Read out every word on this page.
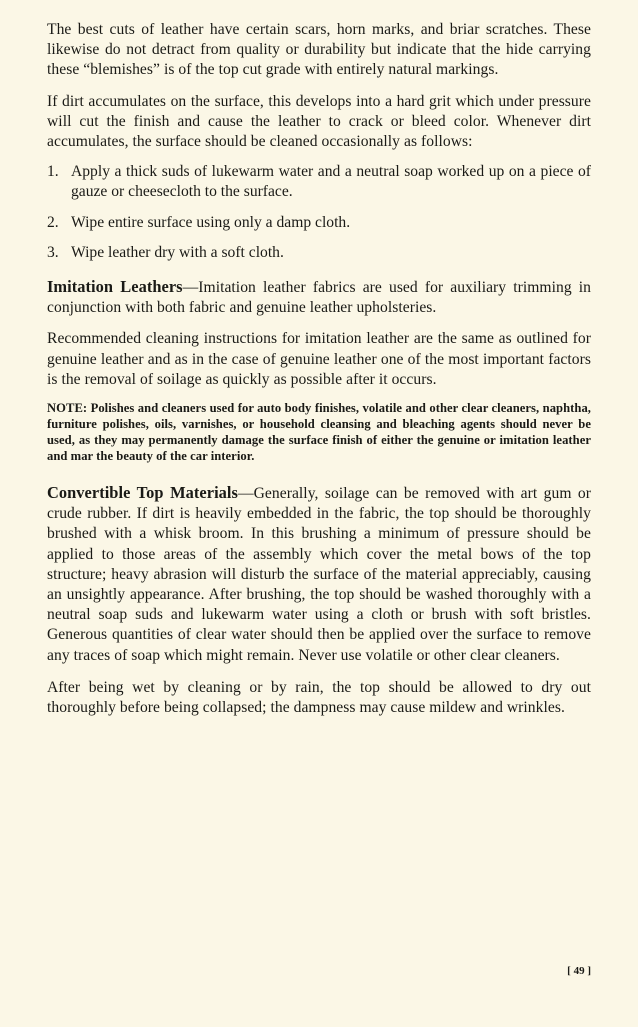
The best cuts of leather have certain scars, horn marks, and briar scratches. These likewise do not detract from quality or durability but indicate that the hide carrying these “blemishes” is of the top cut grade with entirely natural markings.

If dirt accumulates on the surface, this develops into a hard grit which under pressure will cut the finish and cause the leather to crack or bleed color. Whenever dirt accumulates, the surface should be cleaned occasionally as follows:

1. Apply a thick suds of lukewarm water and a neutral soap worked up on a piece of gauze or cheesecloth to the surface.
2. Wipe entire surface using only a damp cloth.
3. Wipe leather dry with a soft cloth.

Imitation Leathers—Imitation leather fabrics are used for auxiliary trimming in conjunction with both fabric and genuine leather upholsteries.

Recommended cleaning instructions for imitation leather are the same as outlined for genuine leather and as in the case of genuine leather one of the most important factors is the removal of soilage as quickly as possible after it occurs.

NOTE: Polishes and cleaners used for auto body finishes, volatile and other clear cleaners, naphtha, furniture polishes, oils, varnishes, or household cleansing and bleaching agents should never be used, as they may permanently damage the surface finish of either the genuine or imitation leather and mar the beauty of the car interior.

Convertible Top Materials—Generally, soilage can be removed with art gum or crude rubber. If dirt is heavily embedded in the fabric, the top should be thoroughly brushed with a whisk broom. In this brushing a minimum of pressure should be applied to those areas of the assembly which cover the metal bows of the top structure; heavy abrasion will disturb the surface of the material appreciably, causing an unsightly appearance. After brushing, the top should be washed thoroughly with a neutral soap suds and lukewarm water using a cloth or brush with soft bristles. Generous quantities of clear water should then be applied over the surface to remove any traces of soap which might remain. Never use volatile or other clear cleaners.

After being wet by cleaning or by rain, the top should be allowed to dry out thoroughly before being collapsed; the dampness may cause mildew and wrinkles.

[ 49 ]
